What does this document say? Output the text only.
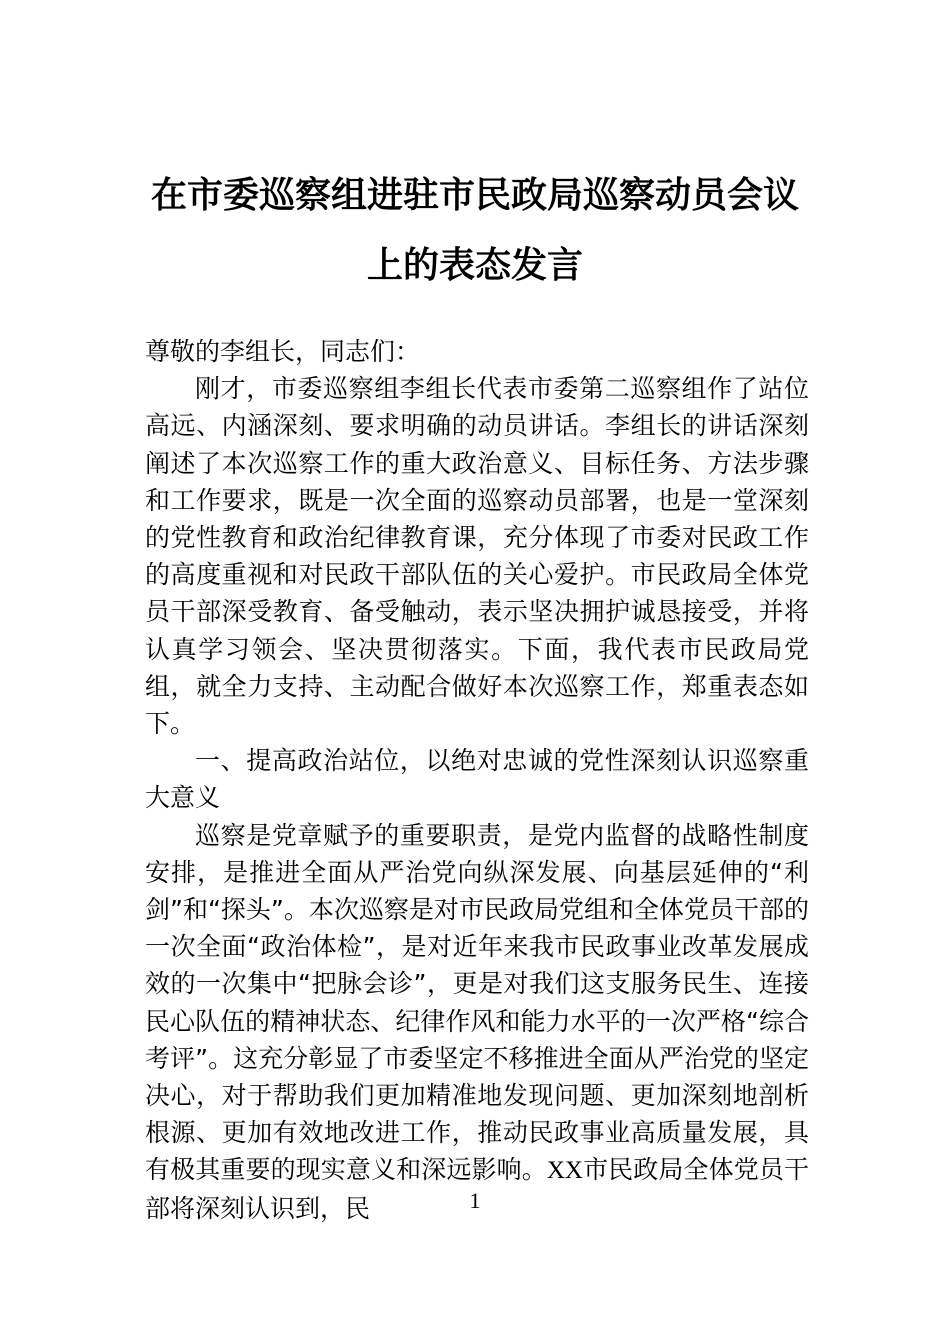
在市委巡察组进驻市民政局巡察动员会议
上的表态发言

尊敬的李组长，同志们：

刚才，市委巡察组李组长代表市委第二巡察组作了站位高远、内涵深刻、要求明确的动员讲话。李组长的讲话深刻阐述了本次巡察工作的重大政治意义、目标任务、方法步骤和工作要求，既是一次全面的巡察动员部署，也是一堂深刻的党性教育和政治纪律教育课，充分体现了市委对民政工作的高度重视和对民政干部队伍的关心爱护。市民政局全体党员干部深受教育、备受触动，表示坚决拥护诚恳接受，并将认真学习领会、坚决贯彻落实。下面，我代表市民政局党组，就全力支持、主动配合做好本次巡察工作，郑重表态如下。

一、提高政治站位，以绝对忠诚的党性深刻认识巡察重大意义

巡察是党章赋予的重要职责，是党内监督的战略性制度安排，是推进全面从严治党向纵深发展、向基层延伸的“利剑”和“探头”。本次巡察是对市民政局党组和全体党员干部的一次全面“政治体检”，是对近年来我市民政事业改革发展成效的一次集中“把脉会诊”，更是对我们这支服务民生、连接民心队伍的精神状态、纪律作风和能力水平的一次严格“综合考评”。这充分彰显了市委坚定不移推进全面从严治党的坚定决心，对于帮助我们更加精准地发现问题、更加深刻地剖析根源、更加有效地改进工作，推动民政事业高质量发展，具有极其重要的现实意义和深远影响。XX市民政局全体党员干部将深刻认识到，民	1
